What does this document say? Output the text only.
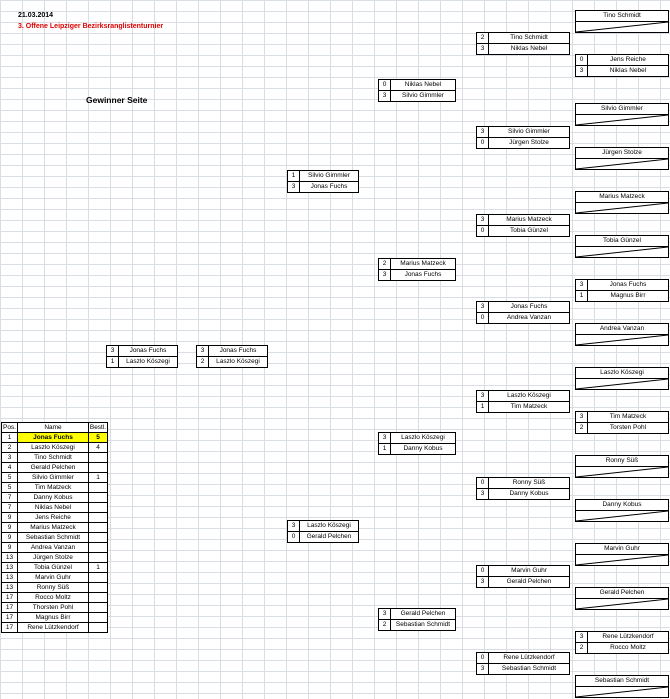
21.03.2014
3. Offene Leipziger Bezirksranglistenturnier
Gewinner Seite
Tino Schmidt
0	Jens Reiche
3	Niklas Nebel
Silvio Gimmler
Jürgen Stolze
Marius Matzeck
Tobia Günzel
3	Jonas Fuchs
1	Magnus Birr
Andrea Vanzan
Laszlo Köszegi
3	Tim Matzeck
2	Torsten Pohl
Ronny Süß
Danny Kobus
Marvin Guhr
Gerald Pelchen
3	Rene Lützkendorf
2	Rocco Moltz
Sebastian Schmidt
2	Tino Schmidt
3	Niklas Nebel
3	Silvio Gimmler
0	Jürgen Stolze
3	Marius Matzeck
0	Tobia Günzel
3	Jonas Fuchs
0	Andrea Vanzan
3	Laszlo Köszegi
1	Tim Matzeck
0	Ronny Süß
3	Danny Kobus
0	Marvin Guhr
3	Gerald Pelchen
0	Rene Lützkendorf
3	Sebastian Schmidt
0	Niklas Nebel
3	Silvio Gimmler
2	Marius Matzeck
3	Jonas Fuchs
3	Laszlo Köszegi
1	Danny Kobus
3	Gerald Pelchen
2	Sebastian Schmidt
1	Silvio Gimmler
3	Jonas Fuchs
3	Laszlo Köszegi
0	Gerald Pelchen
3	Jonas Fuchs
2	Laszlo Köszegi
3	Jonas Fuchs
1	Laszlo Köszegi
Pos.	Name	Bestl.
1	Jonas Fuchs	5
2	Laszlo Köszegi	4
3	Tino Schmidt	
4	Gerald Pelchen	
5	Silvio Gimmler	1
5	Tim Matzeck	
7	Danny Kobus	
7	Niklas Nebel	
9	Jens Reiche	
9	Marius Matzeck	
9	Sebastian Schmidt	
9	Andrea Vanzan	
13	Jürgen Stolze	
13	Tobia Günzel	1
13	Marvin Guhr	
13	Ronny Süß	
17	Rocco Moltz	
17	Thorsten Pohl	
17	Magnus Birr	
17	Rene Lützkendorf	
